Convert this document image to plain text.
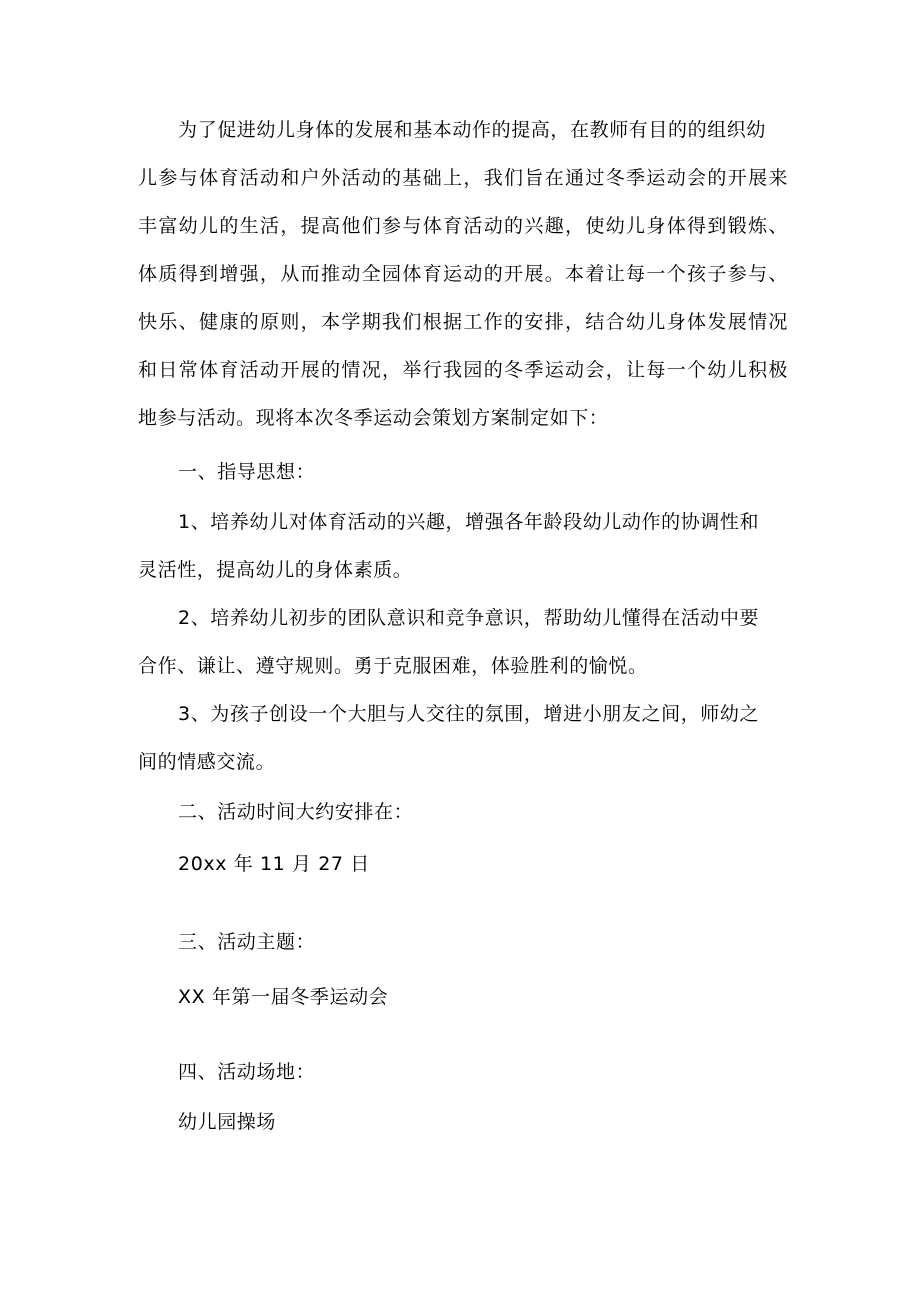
为了促进幼儿身体的发展和基本动作的提高，在教师有目的的组织幼
儿参与体育活动和户外活动的基础上，我们旨在通过冬季运动会的开展来
丰富幼儿的生活，提高他们参与体育活动的兴趣，使幼儿身体得到锻炼、
体质得到增强，从而推动全园体育运动的开展。本着让每一个孩子参与、
快乐、健康的原则，本学期我们根据工作的安排，结合幼儿身体发展情况
和日常体育活动开展的情况，举行我园的冬季运动会，让每一个幼儿积极
地参与活动。现将本次冬季运动会策划方案制定如下：
一、指导思想：
1、培养幼儿对体育活动的兴趣，增强各年龄段幼儿动作的协调性和
灵活性，提高幼儿的身体素质。
2、培养幼儿初步的团队意识和竞争意识，帮助幼儿懂得在活动中要
合作、谦让、遵守规则。勇于克服困难，体验胜利的愉悦。
3、为孩子创设一个大胆与人交往的氛围，增进小朋友之间，师幼之
间的情感交流。
二、活动时间大约安排在：
20xx 年 11 月 27 日
三、活动主题：
XX 年第一届冬季运动会
四、活动场地：
幼儿园操场
